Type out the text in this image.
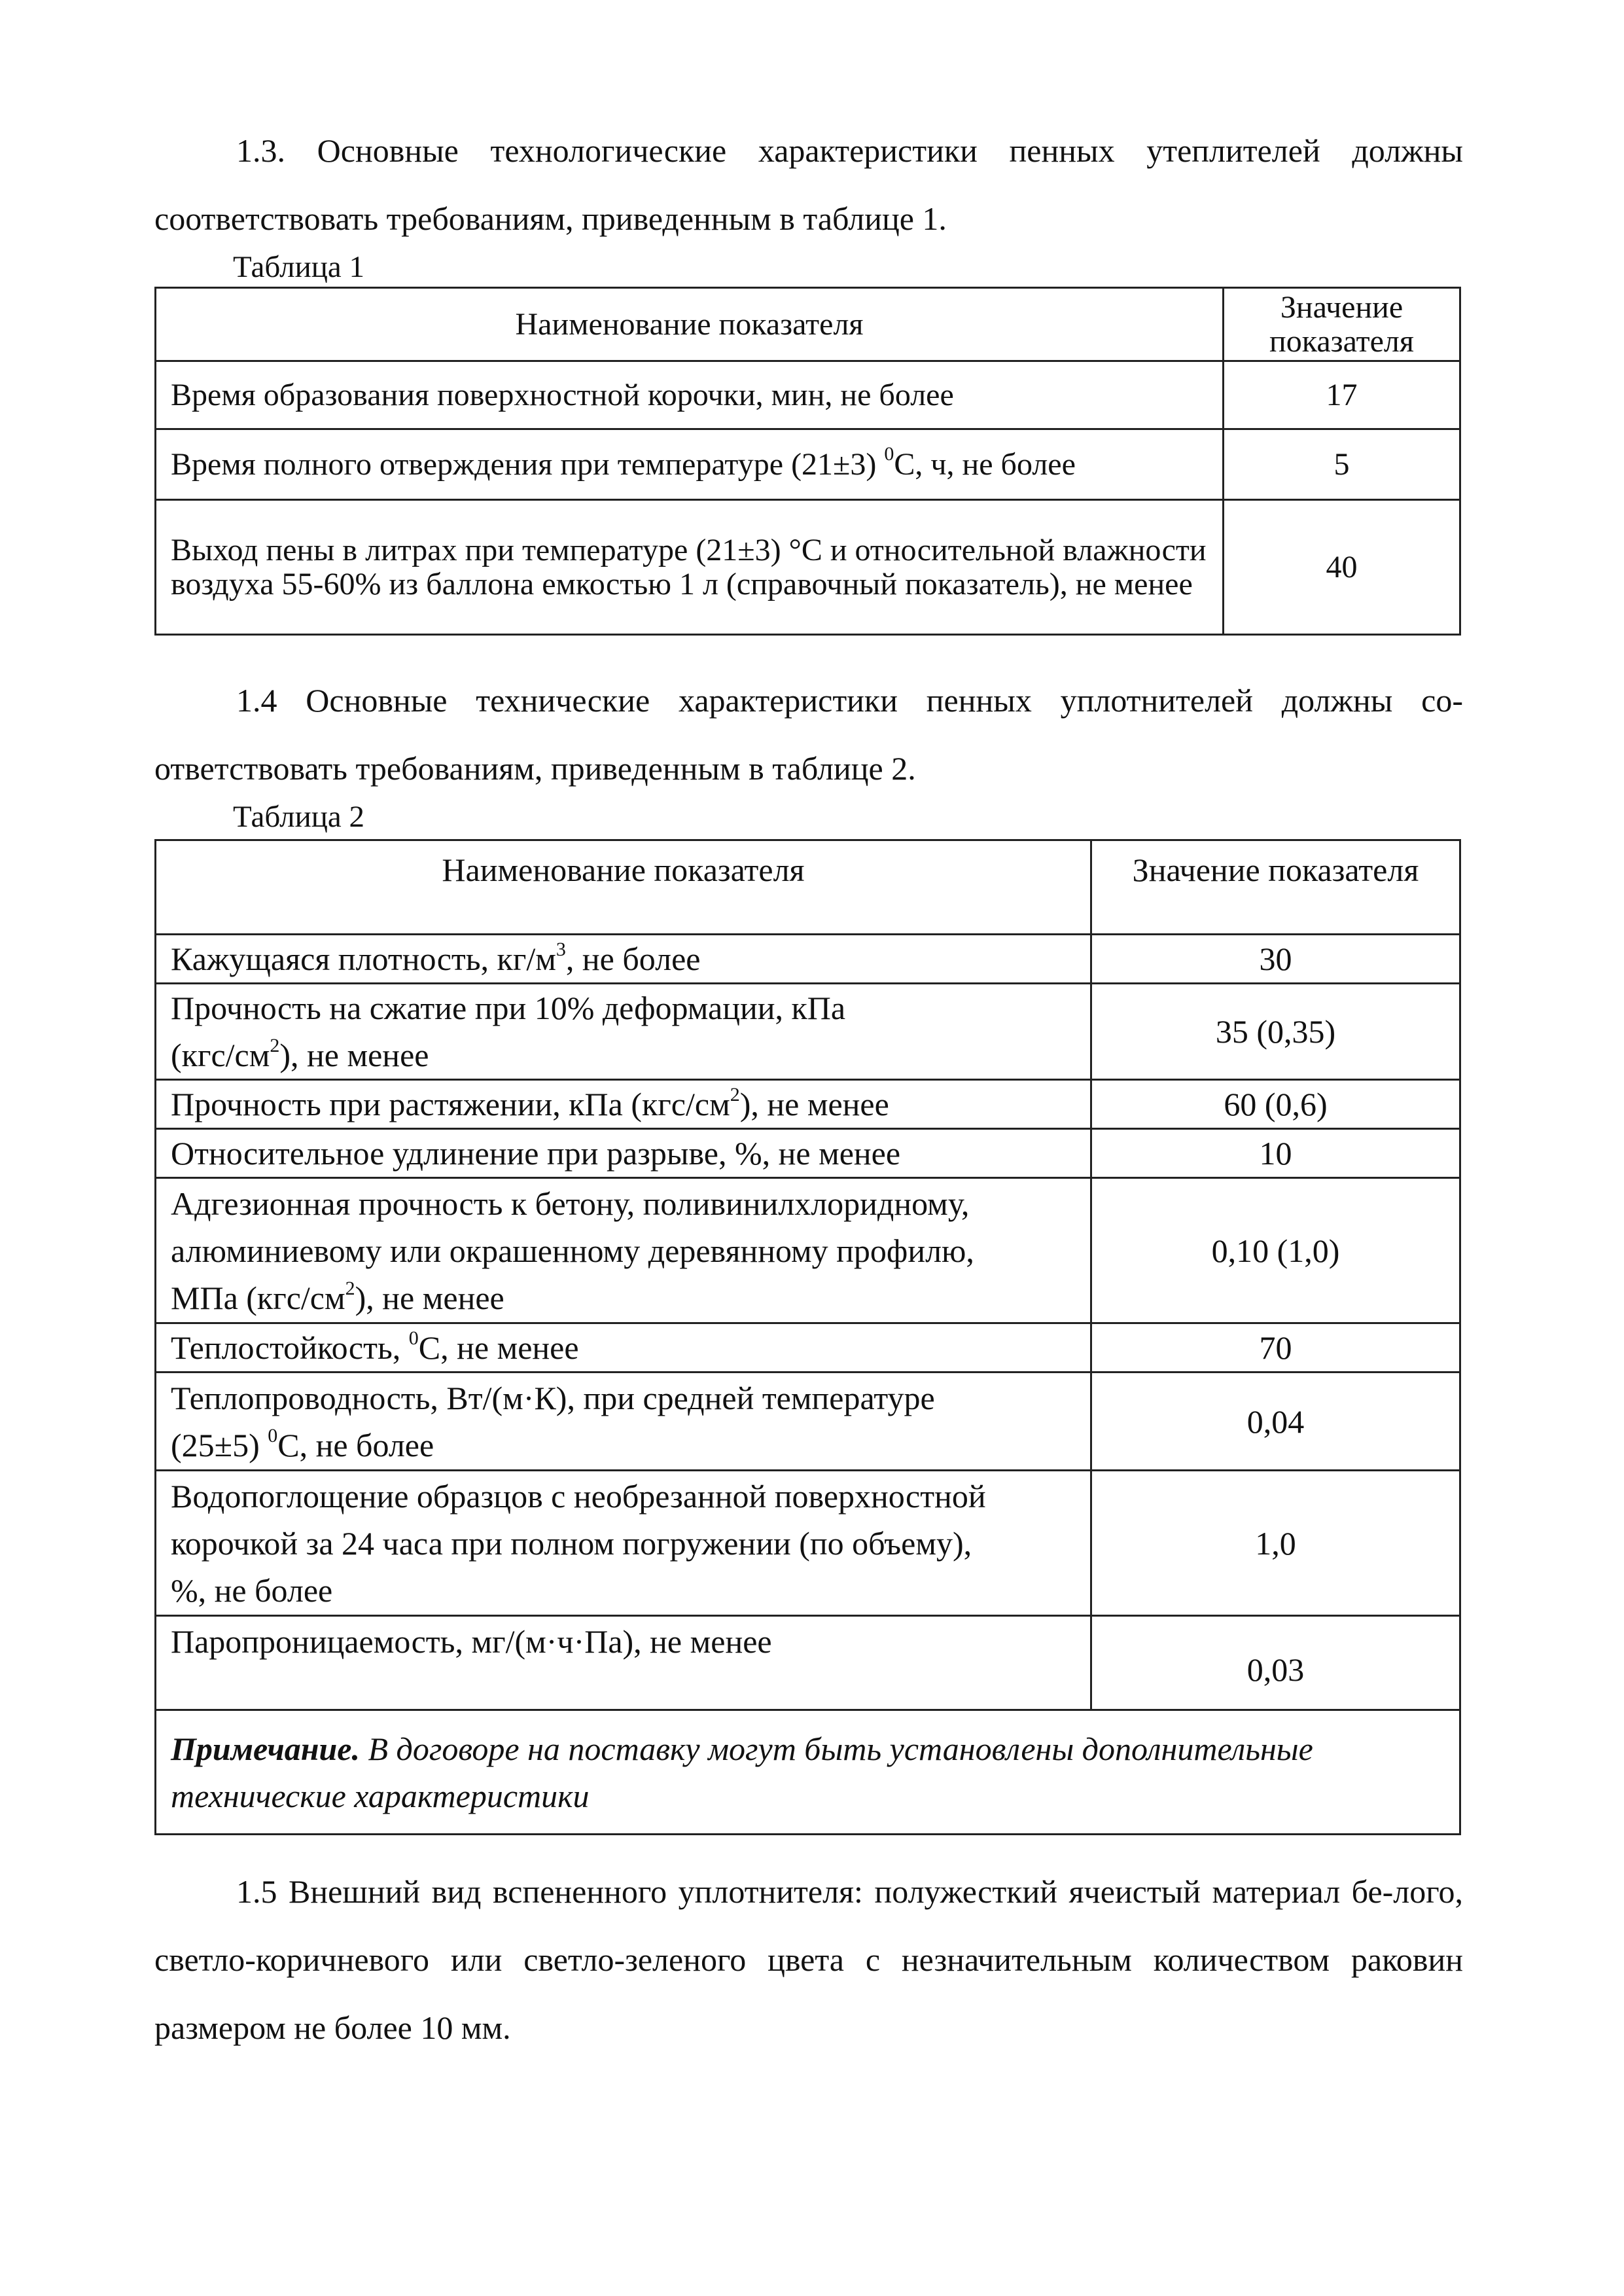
1.3. Основные технологические характеристики пенных утеплителей должны соответствовать требованиям, приведенным в таблице 1.

Таблица 1
Наименование показателя	Значение
показателя

Время образования поверхностной корочки, мин, не более	17
Время полного отверждения при температуре (21±3) $^0$С, ч, не более	5
Выход пены в литрах при температуре (21±3) °С и относительной влажности воздуха 55-60% из баллона емкостью 1 л (справочный показатель), не менее	40

1.4 Основные технические характеристики пенных уплотнителей должны со-ответствовать требованиям, приведенным в таблице 2.

Таблица 2
Наименование показателя	Значение показателя
Кажущаяся плотность, $кг/м^3$, не более	30

Прочность на сжатие при 10% деформации, кПа
$(кгс/см^2)$, не менее	35 (0,35)
Прочность при растяжении, кПа $(кгс/см^2)$, не менее	60 (0,6)
Относительное удлинение при разрыве, %, не менее	10

Адгезионная прочность к бетону, поливинилхлоридному,
алюминиевому или окрашенному деревянному профилю,
МПа $(кгс/см^2)$, не менее	0,10 (1,0)
Теплостойкость, $^0$С, не менее	70

Теплопроводность, Вт/(м·К), при средней температуре
(25±5) $^0$С, не более	0,04

Водопоглощение образцов с необрезанной поверхностной
корочкой за 24 часа при полном погружении (по объему),
%, не более	1,0
Паропроницаемость, мг/(м·ч·Па), не менее	0,03
Примечание. В договоре на поставку могут быть установлены дополнительные технические характеристики	

1.5 Внешний вид вспененного уплотнителя: полужесткий ячеистый материал бе-лого, светло-коричневого или светло-зеленого цвета с незначительным количеством раковин размером не более 10 мм.
